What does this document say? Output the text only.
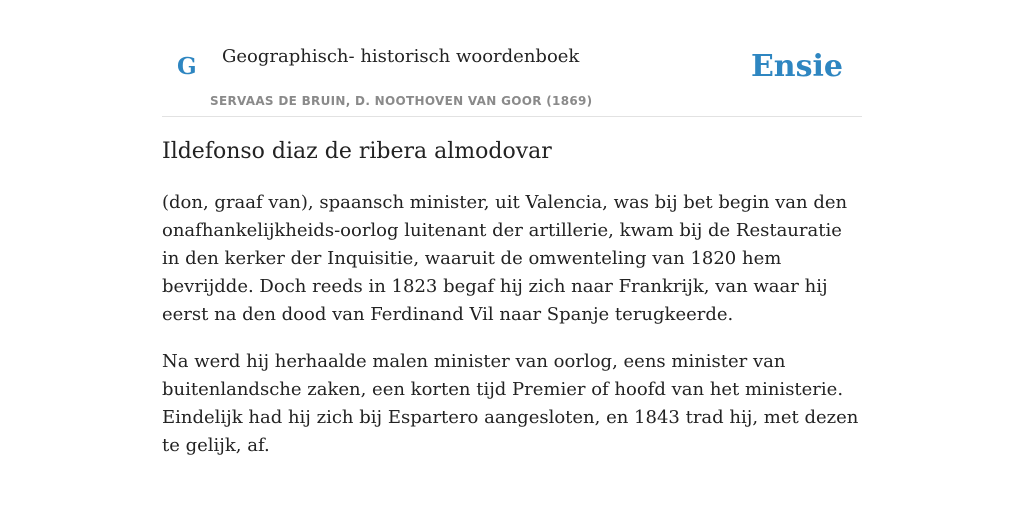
G Geographisch- historisch woordenboek
SERVAAS DE BRUIN, D. NOOTHOVEN VAN GOOR (1869)
Ensie
Ildefonso diaz de ribera almodovar

(don, graaf van), spaansch minister, uit Valencia, was bij bet begin van den onafhankelijkheids-oorlog luitenant der artillerie, kwam bij de Restauratie in den kerker der Inquisitie, waaruit de omwenteling van 1820 hem bevrijdde. Doch reeds in 1823 begaf hij zich naar Frankrijk, van waar hij eerst na den dood van Ferdinand Vil naar Spanje terugkeerde.

Na werd hij herhaalde malen minister van oorlog, eens minister van buitenlandsche zaken, een korten tijd Premier of hoofd van het ministerie. Eindelijk had hij zich bij Espartero aangesloten, en 1843 trad hij, met dezen te gelijk, af.
